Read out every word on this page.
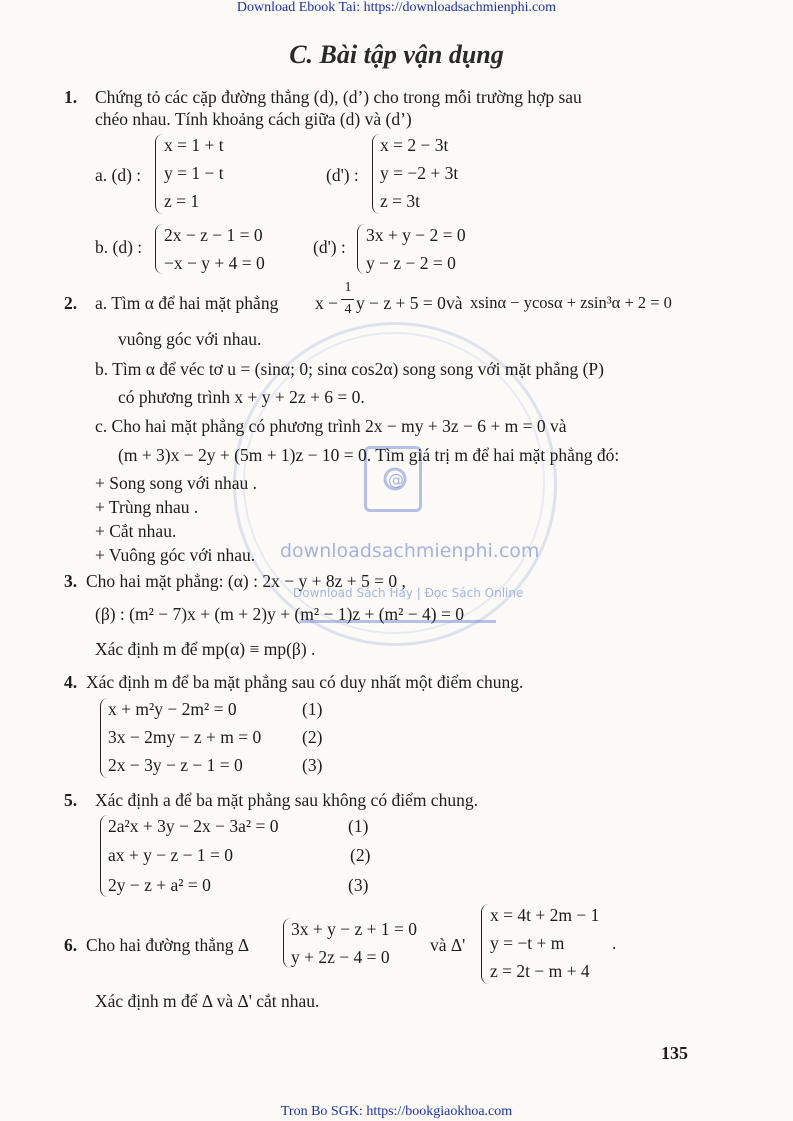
@
downloadsachmienphi.com
Download Sách Hay | Đọc Sách Online
Download Ebook Tai: https://downloadsachmienphi.com
C. Bài tập vận dụng
1. Chứng tỏ các cặp đường thẳng (d), (d’) cho trong mỗi trường hợp sau
chéo nhau. Tính khoảng cách giữa (d) và (d’)
a. (d) :
x = 1 + t
y = 1 − t
z = 1
(d') :
x = 2 − 3t
y = −2 + 3t
z = 3t
b. (d) :
2x − z − 1 = 0
−x − y + 4 = 0
(d') :
3x + y − 2 = 0
y − z − 2 = 0
2. a. Tìm α để hai mặt phẳng x −
1
4 y − z + 5 = 0 và xsinα − ycosα + zsin³α + 2 = 0
vuông góc với nhau.
b. Tìm α để véc tơ u = (sinα; 0; sinα cos2α) song song với mặt phẳng (P)
có phương trình x + y + 2z + 6 = 0.
c. Cho hai mặt phẳng có phương trình 2x − my + 3z − 6 + m = 0 và
(m + 3)x − 2y + (5m + 1)z − 10 = 0. Tìm giá trị m để hai mặt phẳng đó:
+ Song song với nhau .
+ Trùng nhau .
+ Cắt nhau.
+ Vuông góc với nhau.
3. Cho hai mặt phẳng: (α) : 2x − y + 8z + 5 = 0 ,
(β) : (m² − 7)x + (m + 2)y + (m² − 1)z + (m² − 4) = 0
Xác định m để mp(α) ≡ mp(β) .
4. Xác định m để ba mặt phẳng sau có duy nhất một điểm chung.
x + m²y − 2m² = 0
3x − 2my − z + m = 0
2x − 3y − z − 1 = 0
(1)
(2)
(3)
5. Xác định a để ba mặt phẳng sau không có điểm chung.
2a²x + 3y − 2x − 3a² = 0
ax + y − z − 1 = 0
2y − z + a² = 0
(1)
(2)
(3)
6. Cho hai đường thẳng Δ
3x + y − z + 1 = 0
y + 2z − 4 = 0
và Δ'
x = 4t + 2m − 1
y = −t + m
z = 2t − m + 4
.
Xác định m để Δ và Δ' cắt nhau.
135
Tron Bo SGK: https://bookgiaokhoa.com
